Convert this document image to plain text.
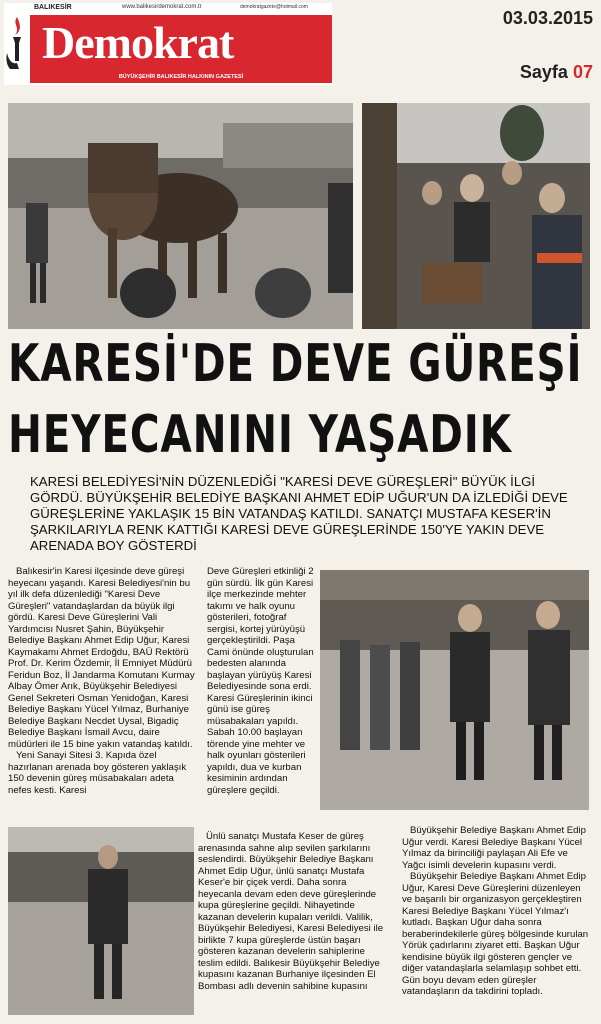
BALIKESİR	www.balikesirdemokrat.com.tr	demokratgazete@hotmail.com
Demokrat
BÜYÜKŞEHİR BALIKESİR HALKININ GAZETESİ
03.03.2015
Sayfa 07
KARESİ'DE DEVE GÜREŞİ
HEYECANINI YAŞADIK
KARESİ BELEDİYESİ'NİN DÜZENLEDİĞİ "KARESİ DEVE GÜREŞLERİ" BÜYÜK İLGİ GÖRDÜ. BÜYÜKŞEHİR BELEDİYE BAŞKANI AHMET EDİP UĞUR'UN DA İZLEDİĞİ DEVE GÜREŞLERİNE YAKLAŞIK 15 BİN VATANDAŞ KATILDI. SANATÇI MUSTAFA KESER'İN ŞARKILARIYLA RENK KATTIĞI KARESİ DEVE GÜREŞLERİNDE 150'YE YAKIN DEVE ARENADA BOY GÖSTERDİ

Balıkesir'in Karesi ilçesinde deve güreşi heyecanı yaşandı. Karesi Belediyesi'nin bu yıl ilk defa düzenlediği "Karesi Deve Güreşleri" vatandaşlardan da büyük ilgi gördü. Karesi Deve Güreşlerini Vali Yardımcısı Nusret Şahin, Büyükşehir Belediye Başkanı Ahmet Edip Uğur, Karesi Kaymakamı Ahmet Erdoğdu, BAÜ Rektörü Prof. Dr. Kerim Özdemir, İl Emniyet Müdürü Feridun Boz, İl Jandarma Komutanı Kurmay Albay Ömer Arık, Büyükşehir Belediyesi Genel Sekreteri Osman Yenidoğan, Karesi Belediye Başkanı Yücel Yılmaz, Burhaniye Belediye Başkanı Necdet Uysal, Bigadiç Belediye Başkanı İsmail Avcu, daire müdürleri ile 15 bine yakın vatandaş katıldı.

Yeni Sanayi Sitesi 3. Kapıda özel hazırlanan arenada boy gösteren yaklaşık 150 devenin güreş müsabakaları adeta nefes kesti. Karesi

Deve Güreşleri etkinliği 2 gün sürdü. İlk gün Karesi ilçe merkezinde mehter takımı ve halk oyunu gösterileri, fotoğraf sergisi, kortej yürüyüşü gerçekleştirildi. Paşa Cami önünde oluşturulan bedesten alanında başlayan yürüyüş Karesi Belediyesinde sona erdi. Karesi Güreşlerinin ikinci günü ise güreş müsabakaları yapıldı. Sabah 10.00 başlayan törende yine mehter ve halk oyunları gösterileri yapıldı, dua ve kurban kesiminin ardından güreşlere geçildi.

Ünlü sanatçı Mustafa Keser de güreş arenasında sahne alıp sevilen şarkılarını seslendirdi. Büyükşehir Belediye Başkanı Ahmet Edip Uğur, ünlü sanatçı Mustafa Keser'e bir çiçek verdi. Daha sonra heyecanla devam eden deve güreşlerinde kupa güreşlerine geçildi. Nihayetinde kazanan develerin kupaları verildi. Valilik, Büyükşehir Belediyesi, Karesi Belediyesi ile birlikte 7 kupa güreşlerde üstün başarı gösteren kazanan develerin sahiplerine teslim edildi. Balıkesir Büyükşehir Belediye kupasını kazanan Burhaniye ilçesinden El Bombası adlı devenin sahibine kupasını

Büyükşehir Belediye Başkanı Ahmet Edip Uğur verdi. Karesi Belediye Başkanı Yücel Yılmaz da birinciliği paylaşan Ali Efe ve Yağcı isimli develerin kupasını verdi.

Büyükşehir Belediye Başkanı Ahmet Edip Uğur, Karesi Deve Güreşlerini düzenleyen ve başarılı bir organizasyon gerçekleştiren Karesi Belediye Başkanı Yücel Yılmaz'ı kutladı. Başkan Uğur daha sonra beraberindekilerle güreş bölgesinde kurulan Yörük çadırlarını ziyaret etti. Başkan Uğur kendisine büyük ilgi gösteren gençler ve diğer vatandaşlarla selamlaşıp sohbet etti. Gün boyu devam eden güreşler vatandaşların da takdirini topladı.
